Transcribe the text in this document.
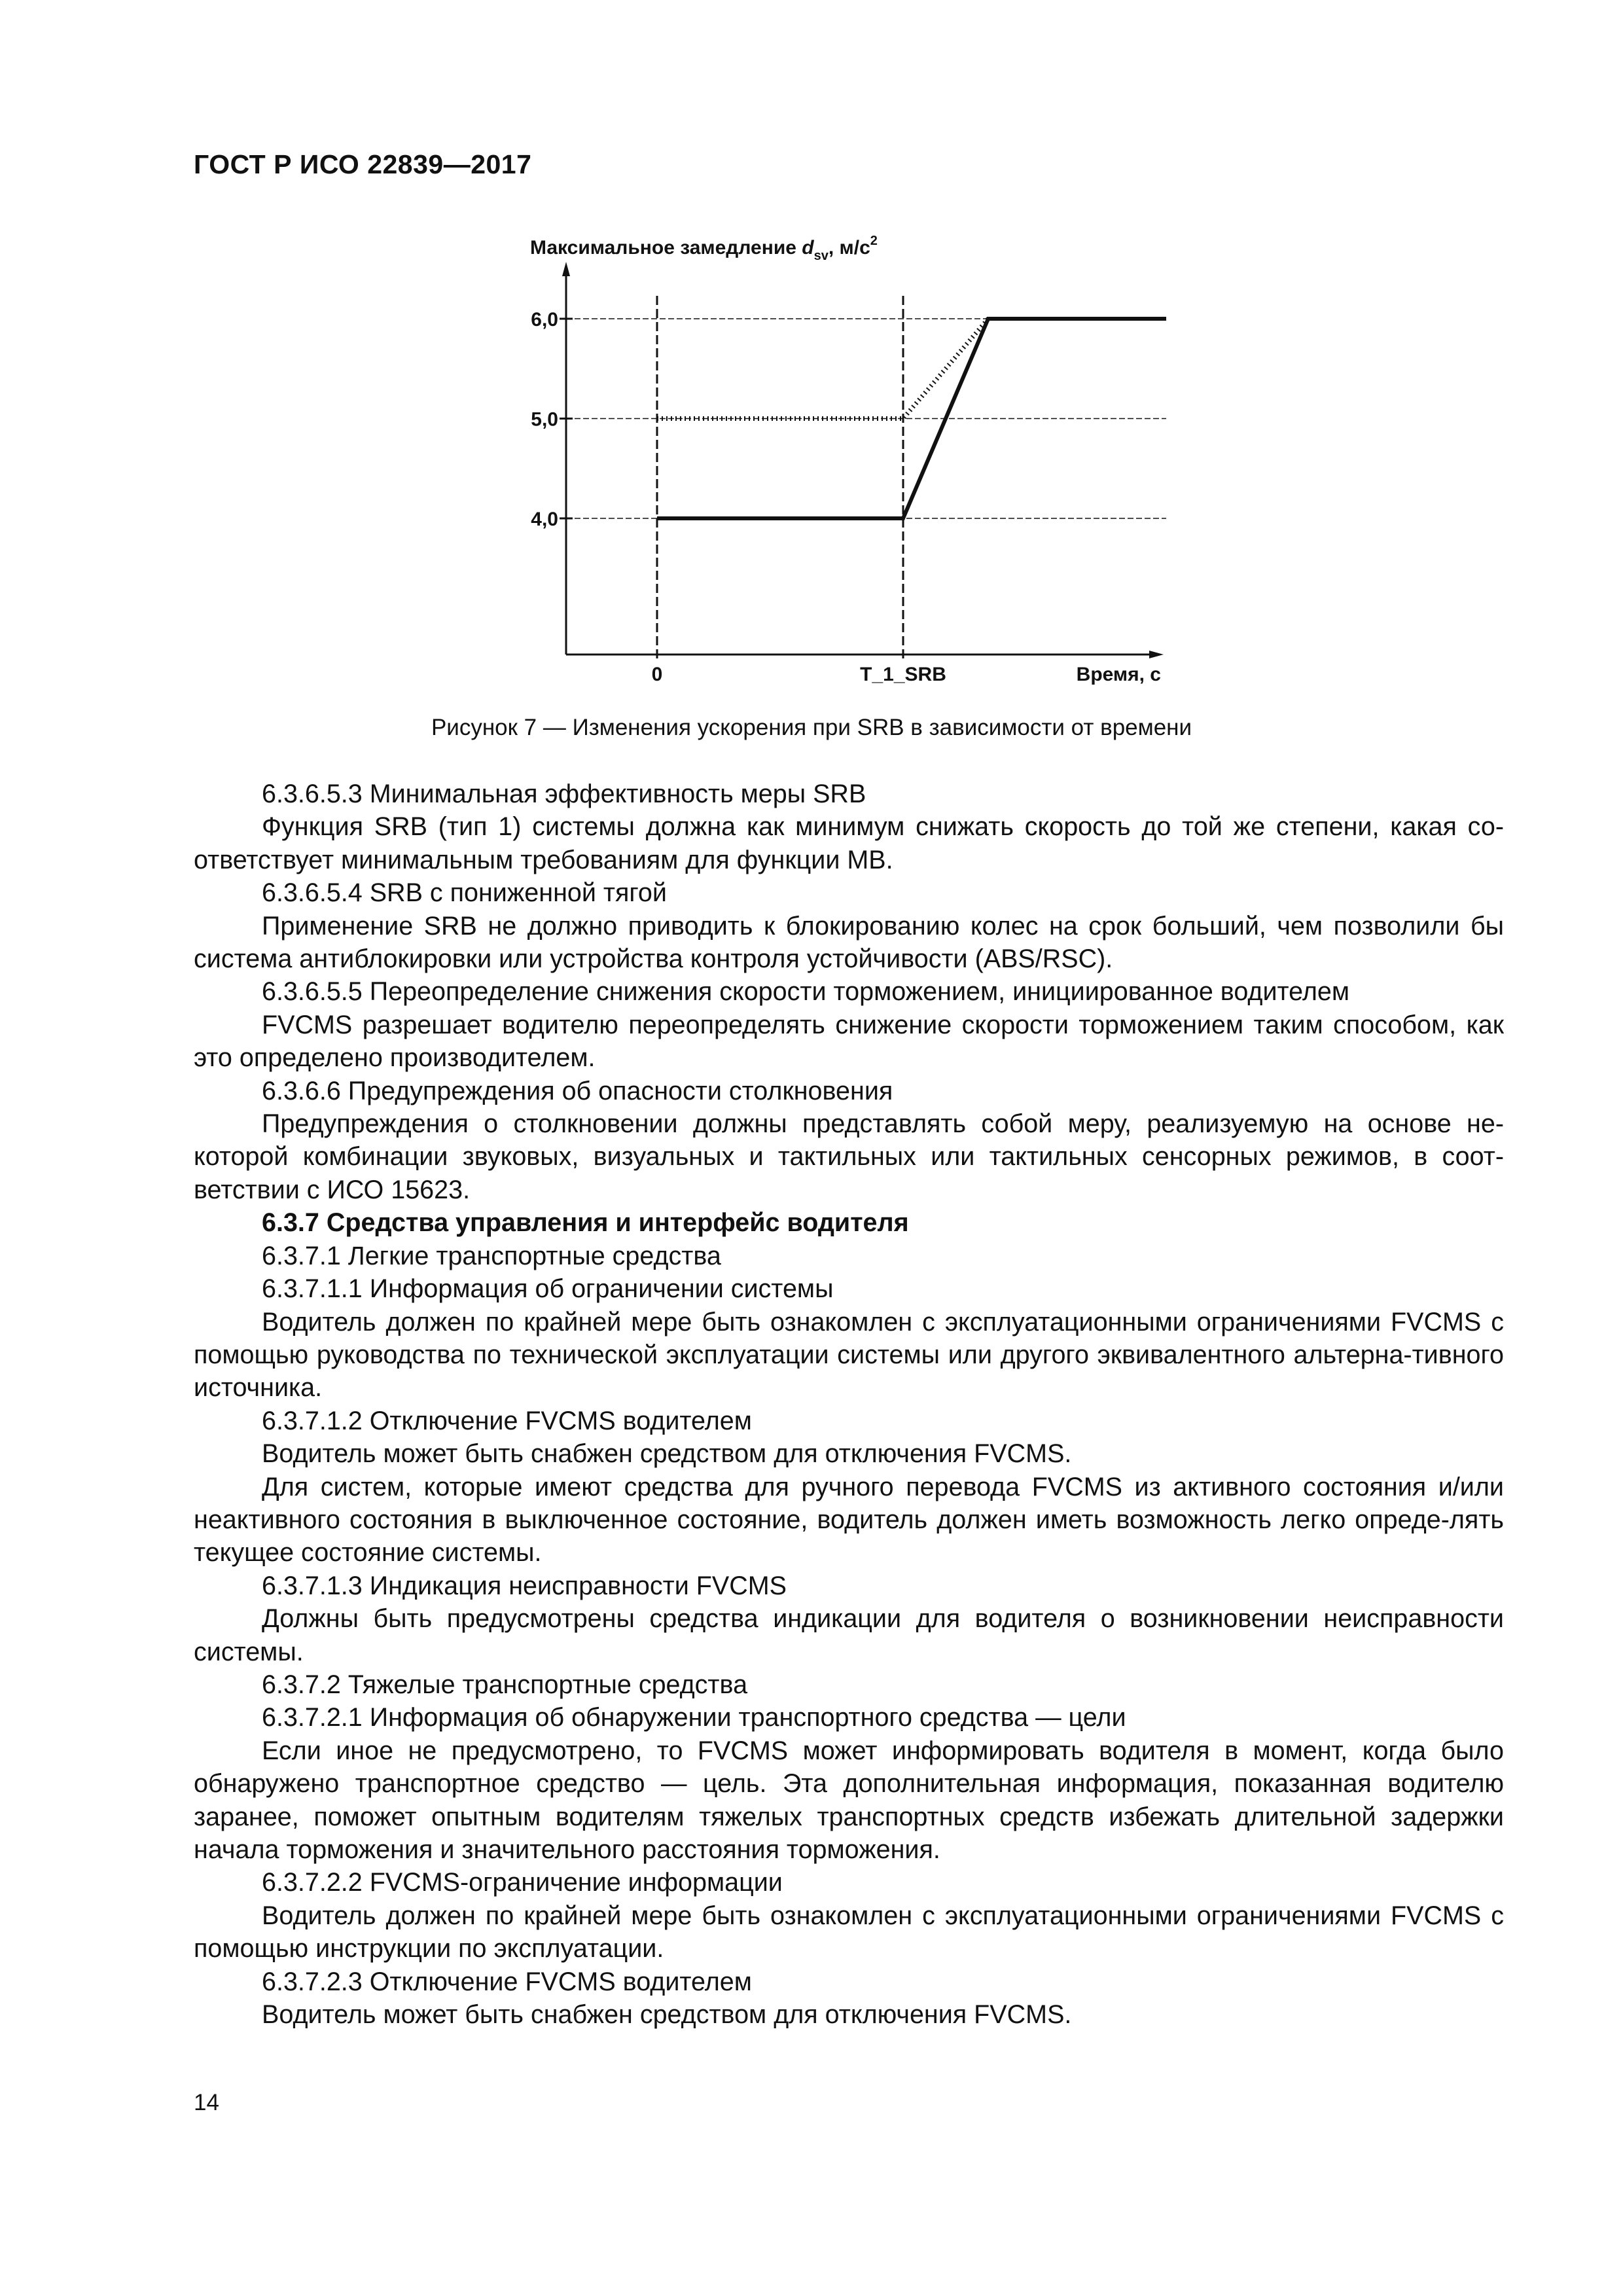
ГОСТ Р ИСО 22839—2017
Максимальное замедление $d_{sv}$, $м/с^2$
6,0
5,0
4,0
0	T_1_SRB	Время, с
Рисунок 7 — Изменения ускорения при SRB в зависимости от времени

6.3.6.5.3 Минимальная эффективность меры SRB

Функция SRB (тип 1) системы должна как минимум снижать скорость до той же степени, какая со-ответствует минимальным требованиям для функции MB.

6.3.6.5.4 SRB с пониженной тягой

Применение SRB не должно приводить к блокированию колес на срок больший, чем позволили бы система антиблокировки или устройства контроля устойчивости (ABS/RSC).

6.3.6.5.5 Переопределение снижения скорости торможением, инициированное водителем

FVCMS разрешает водителю переопределять снижение скорости торможением таким способом, как это определено производителем.

6.3.6.6 Предупреждения об опасности столкновения

Предупреждения о столкновении должны представлять собой меру, реализуемую на основе не-которой комбинации звуковых, визуальных и тактильных или тактильных сенсорных режимов, в соот-ветствии с ИСО 15623.

6.3.7 Средства управления и интерфейс водителя

6.3.7.1 Легкие транспортные средства

6.3.7.1.1 Информация об ограничении системы

Водитель должен по крайней мере быть ознакомлен с эксплуатационными ограничениями FVCMS с помощью руководства по технической эксплуатации системы или другого эквивалентного альтерна-тивного источника.

6.3.7.1.2 Отключение FVCMS водителем

Водитель может быть снабжен средством для отключения FVCMS.

Для систем, которые имеют средства для ручного перевода FVCMS из активного состояния и/или неактивного состояния в выключенное состояние, водитель должен иметь возможность легко опреде-лять текущее состояние системы.

6.3.7.1.3 Индикация неисправности FVCMS

Должны быть предусмотрены средства индикации для водителя о возникновении неисправности системы.

6.3.7.2 Тяжелые транспортные средства

6.3.7.2.1 Информация об обнаружении транспортного средства — цели

Если иное не предусмотрено, то FVCMS может информировать водителя в момент, когда было обнаружено транспортное средство — цель. Эта дополнительная информация, показанная водителю заранее, поможет опытным водителям тяжелых транспортных средств избежать длительной задержки начала торможения и значительного расстояния торможения.

6.3.7.2.2 FVCMS-ограничение информации

Водитель должен по крайней мере быть ознакомлен с эксплуатационными ограничениями FVCMS с помощью инструкции по эксплуатации.

6.3.7.2.3 Отключение FVCMS водителем

Водитель может быть снабжен средством для отключения FVCMS.

14
